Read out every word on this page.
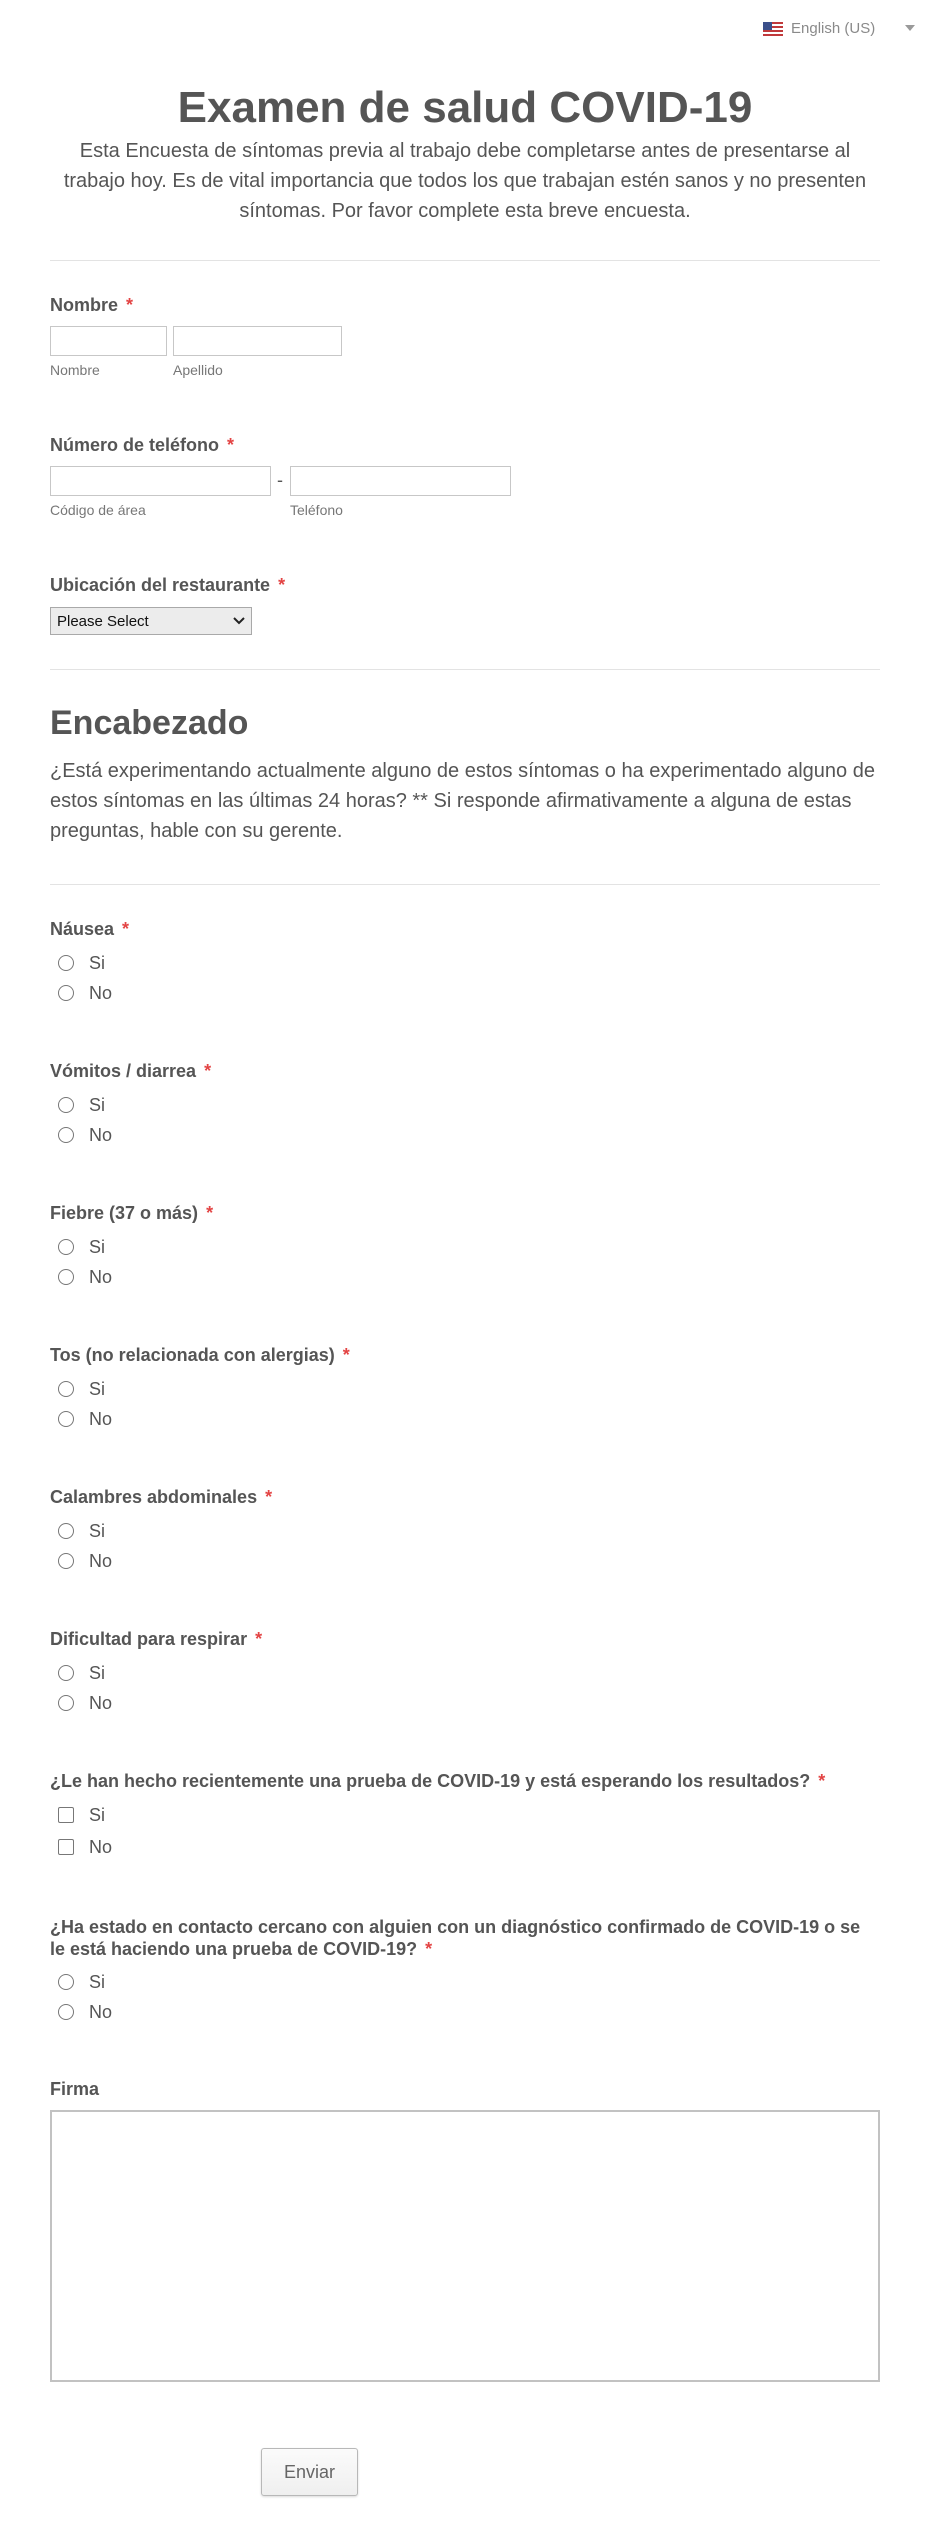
English (US)
Examen de salud COVID-19

Esta Encuesta de síntomas previa al trabajo debe completarse antes de presentarse al trabajo hoy. Es de vital importancia que todos los que trabajan estén sanos y no presenten síntomas. Por favor complete esta breve encuesta.

Nombre *
Nombre	Apellido
Número de teléfono *
-
Código de área	Teléfono
Ubicación del restaurante *
Please Select
Encabezado

¿Está experimentando actualmente alguno de estos síntomas o ha experimentado alguno de estos síntomas en las últimas 24 horas? ** Si responde afirmativamente a alguna de estas preguntas, hable con su gerente.

Náusea *
Si
No
Vómitos / diarrea *
Si
No
Fiebre (37 o más) *
Si
No
Tos (no relacionada con alergias) *
Si
No
Calambres abdominales *
Si
No
Dificultad para respirar *
Si
No
¿Le han hecho recientemente una prueba de COVID-19 y está esperando los resultados? *
Si
No
¿Ha estado en contacto cercano con alguien con un diagnóstico confirmado de COVID-19 o se le está haciendo una prueba de COVID-19? *
Si
No
Firma
Enviar
